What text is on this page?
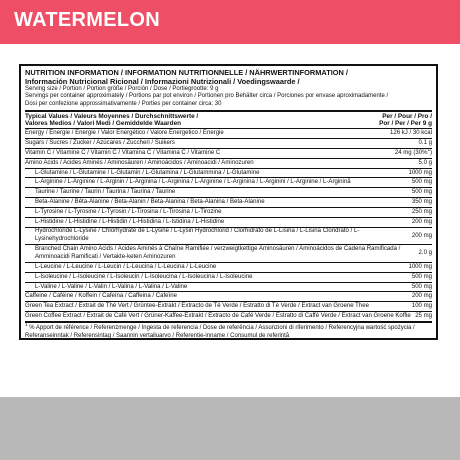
WATERMELON
NUTRITION INFORMATION / INFORMATION NUTRITIONNELLE / NÄHRWERTINFORMATION /
Información Nutricional Ricional / Informazioni Nutrizionali / Voedingswaarde /
Serving size / Portion / Portion größe / Porción / Dose / Portiegrootte: 9 g
Servings per container approximately / Portions par pot environ / Portionen pro Behälter circa / Porciones por envase aproximadamente /
Dosi per confezione approssimativamente / Porties per container circa: 30
Typical Values / Valeurs Moyennes / Durchschnittswerte /
Valores Medios / Valori Medi / Gemiddelde Waarden
Per / Pour / Pro /
Por / Per / Per 9 g
Energy / Énergie / Energie / Valor Energético / Valore Energetico / Energie	126 kJ / 30 kcal
Sugars / Sucres / Zucker / Azúcares / Zuccheri / Suikers	0.1 g
Vitamin C / Vitamine C / Vitamin C / Vitamina C / Vitamina C / Vitamine C	24 mg (30%$^1$)
Amino Acids / Acides Aminés / Aminosäuren / Aminoácidos / Aminoacidi / Aminozuren	5.0 g
L-Glutamine / L-Glutamine / L-Glutamin / L-Glutamina / L-Glutammina / L-Glutamine	1000 mg
L-Arginine / L-Arginine / L-Arginin / L-Arginina / L-Arginina / L-Arginine / L-Arginina / L-Arginini / L-Arginine / L-Arginină	500 mg
Taurine / Taurine / Taurin / Taurina / Taurina / Taurine	500 mg
Beta-Alanine / Bêta-Alanine / Beta-Alanin / Beta-Alanina / Beta-Alanina / Beta-Alanine	350 mg
L-Tyrosine / L-Tyrosine / L-Tyrosin / L-Tirosina / L-Tirosina / L-Tirozine	250 mg
L-Histidine / L-Histidine / L-Histidin / L-Histidina / L-Istidina / L-Histidine	200 mg
Hydrochloride L-Lysine / Chlorhydrate de L-Lysine / L-Lysin Hydrochlorid / Clorhidrato de L-Lisina / L-Lisina Cloridrato / L-Lysinehydrochloride
200 mg
Branched Chain Amino Acids / Acides Aminés à Chaîne Ramifiée / verzweigtkettige Aminosäuren / Aminoácidos de Cadena Ramificada / Amminoacidi Ramificati / Vertakte-keten Aminozuren
2.0 g
L-Leucine / L-Leucine / L-Leucin / L-Leucina / L-Leucina / L-Leucine	1000 mg
L-Isoleucine / L-Isoleucine / L-Isoleucin / L-Isoleucina / L-Isoleucina / L-Isoleucine	500 mg
L-Valine / L-Valine / L-Valin / L-Valina / L-Valina / L-Valine	500 mg
Caffeine / Caféine / Koffein / Cafeína / Caffeina / Cafeïne	200 mg
Green Tea Extract / Extrait de Thé Vert / Grüntee-Extrakt / Extracto de Té Verde / Estratto di Tè Verde / Extract van Groene Thee	100 mg
Green Coffee Extract / Extrait de Café Vert / Grüner-Kaffee-Extrakt / Extracto de Café Verde / Estratto di Caffè Verde / Extract van Groene Koffie 25 mg
$^1$ % Apport de référence / Referenzmenge / Ingesta de referencia / Dose de referência / Assunzioni di riferimento / Referencyjna wartość spożycia /
Referanseinntak / Referensintag / Saannin vertailuarvo / Referentie-inname / Consumul de referință
